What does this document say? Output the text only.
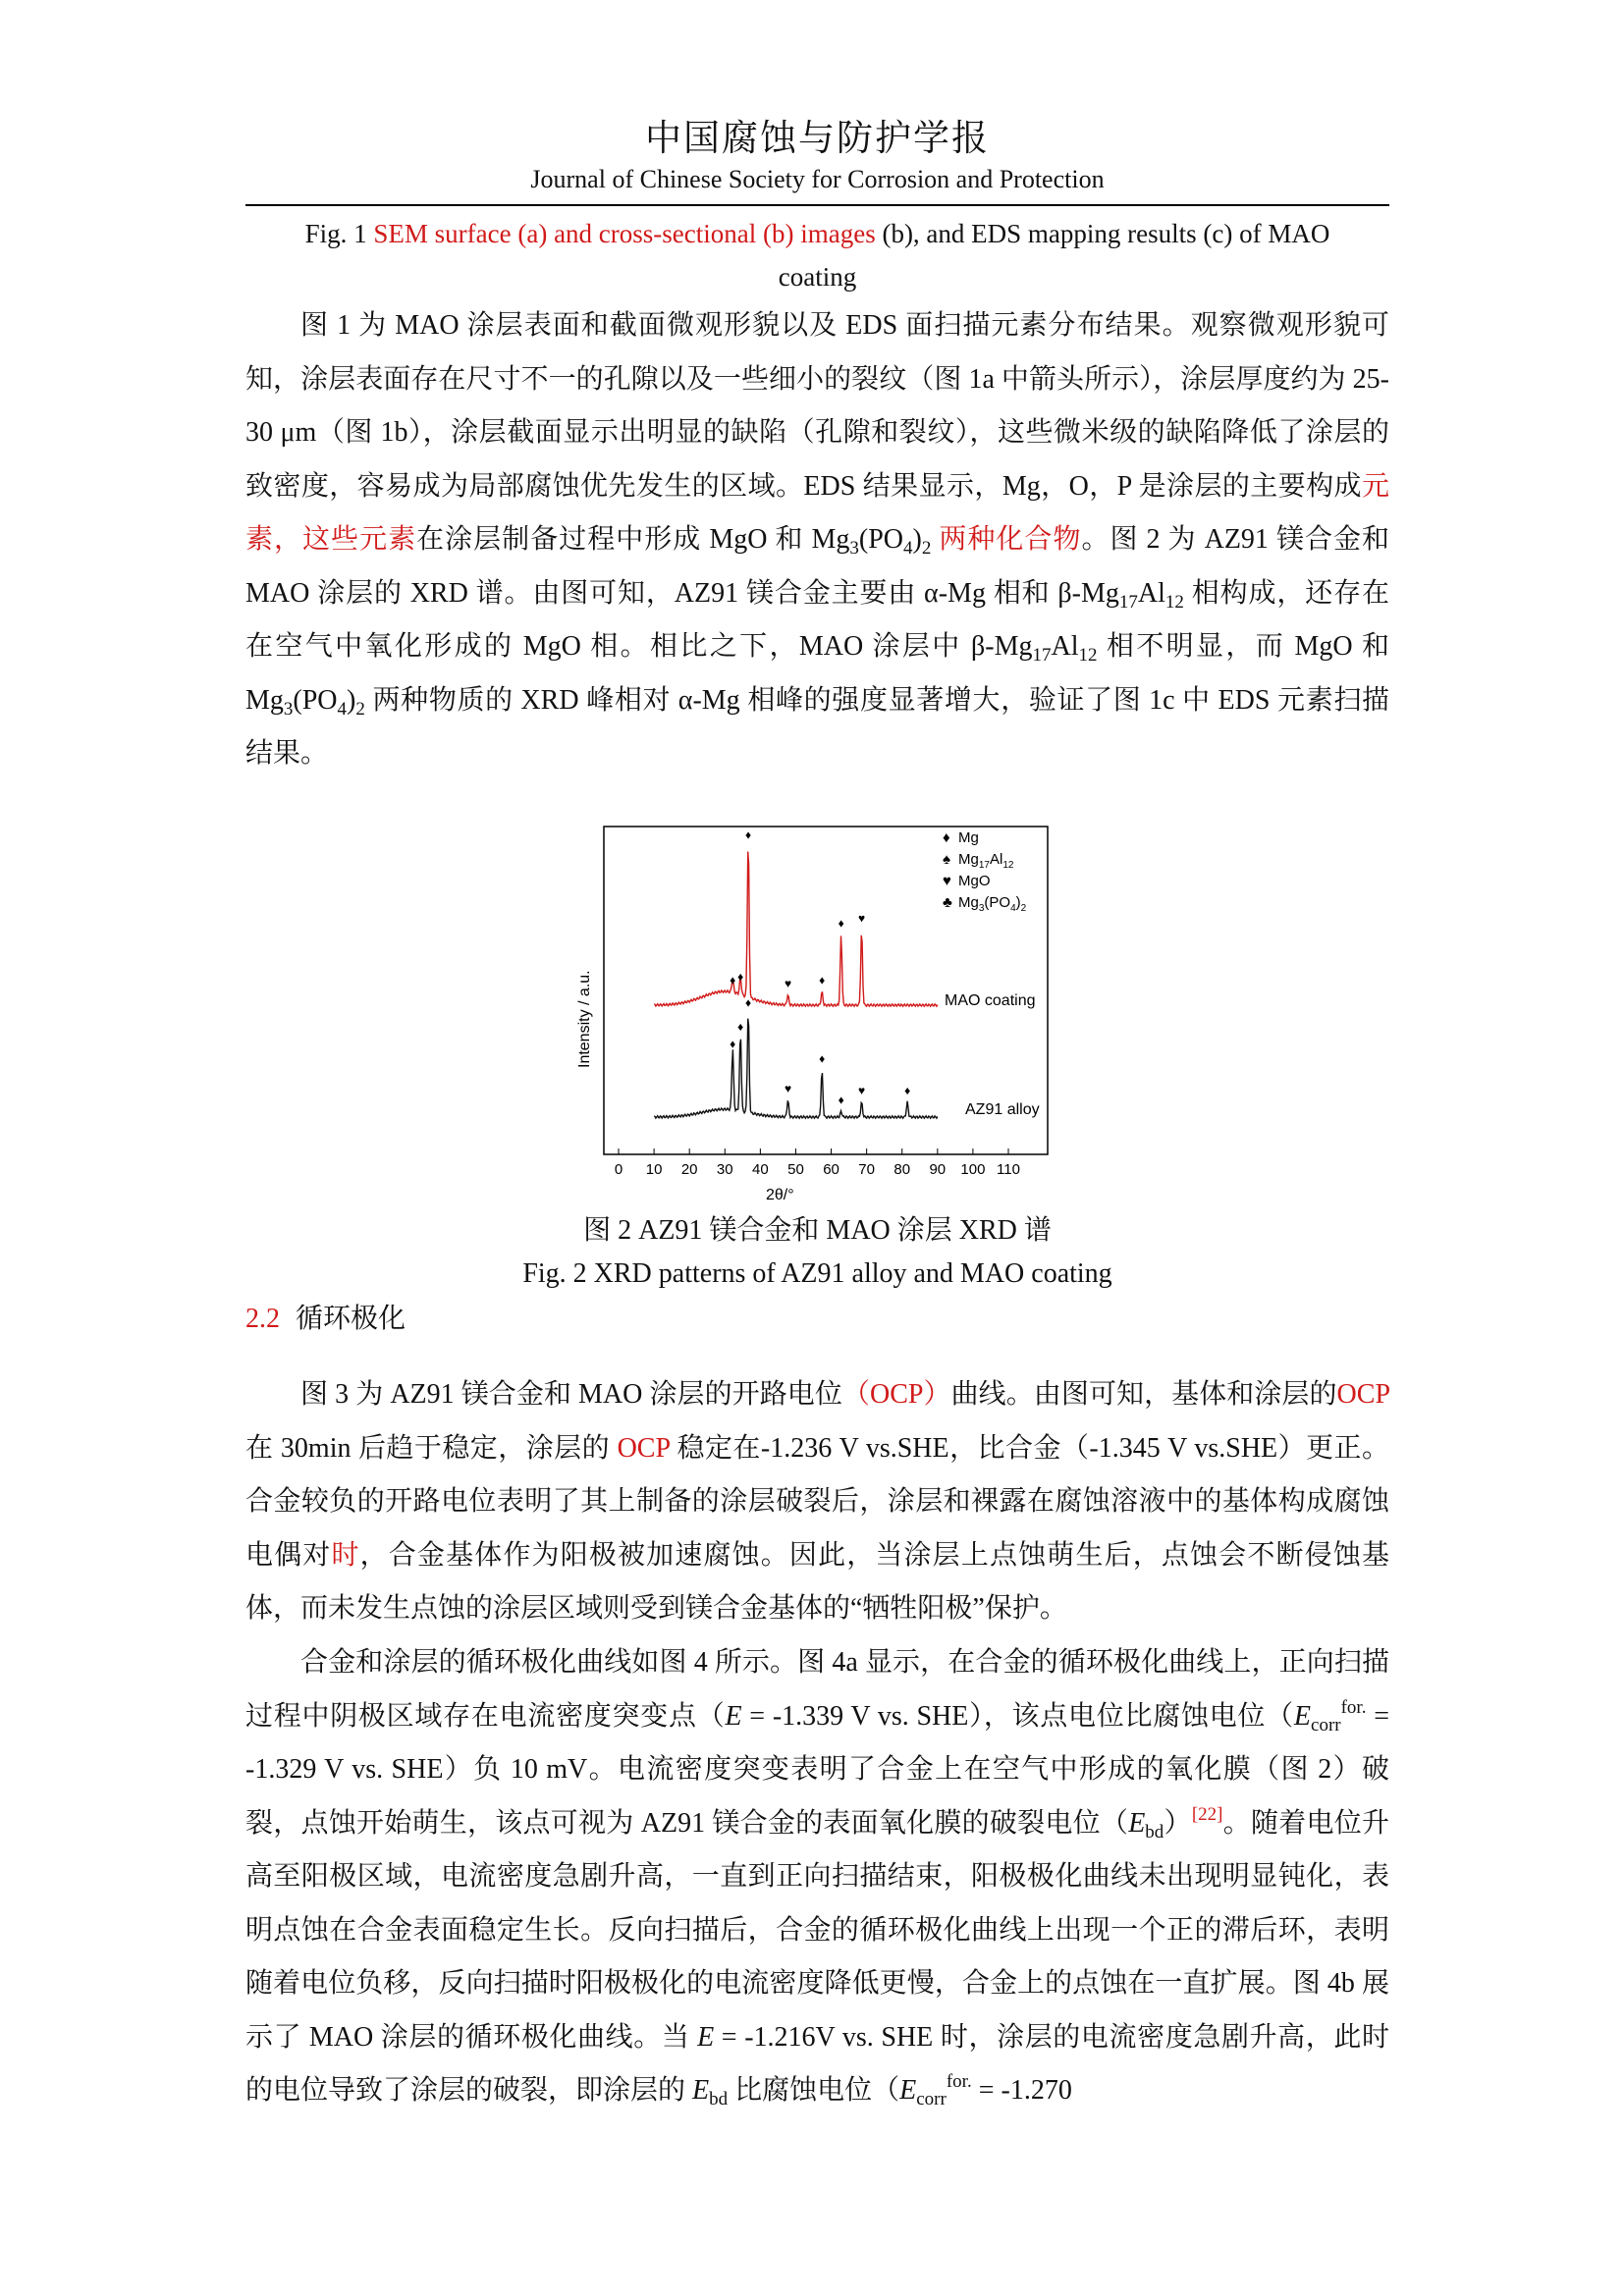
中国腐蚀与防护学报
Journal of Chinese Society for Corrosion and Protection
Fig. 1 SEM surface (a) and cross-sectional (b) images (b), and EDS mapping results (c) of MAO
coating

图 1 为 MAO 涂层表面和截面微观形貌以及 EDS 面扫描元素分布结果。观察微观形貌可知，涂层表面存在尺寸不一的孔隙以及一些细小的裂纹（图 1a 中箭头所示），涂层厚度约为 25-30 μm（图 1b），涂层截面显示出明显的缺陷（孔隙和裂纹），这些微米级的缺陷降低了涂层的致密度，容易成为局部腐蚀优先发生的区域。EDS 结果显示，Mg，O，P 是涂层的主要构成元素，这些元素在涂层制备过程中形成 MgO 和 $Mg_3(PO_4)_2$ 两种化合物。图 2 为 AZ91 镁合金和 MAO 涂层的 XRD 谱。由图可知，AZ91 镁合金主要由 α-Mg 相和 $\beta-Mg_{17}Al_{12}$ 相构成，还存在在空气中氧化形成的 MgO 相。相比之下，MAO 涂层中 $\beta-Mg_{17}Al_{12}$ 相不明显，而 MgO 和 $Mg_3(PO_4)_2$ 两种物质的 XRD 峰相对 α-Mg 相峰的强度显著增大，验证了图 1c 中 EDS 元素扫描结果。

0 10 20 30 40 50 60 70 80 90 100 110
2θ/°
Intensity / a.u.	♦ ♦
♦
♥ ♦
♦ ♥
♦
♦
♦
♥
♦
♦
♥	♦
MAO coating
AZ91 alloy
♦ Mg
♠ $Mg_{17}Al_{12}$
♥ MgO
♣ $Mg_3(PO_4)_2$
图 2 AZ91 镁合金和 MAO 涂层 XRD 谱
Fig. 2 XRD patterns of AZ91 alloy and MAO coating
2.2 循环极化

图 3 为 AZ91 镁合金和 MAO 涂层的开路电位（OCP）曲线。由图可知，基体和涂层的OCP 在 30min 后趋于稳定，涂层的 OCP 稳定在-1.236 V vs.SHE，比合金（-1.345 V vs.SHE）更正。合金较负的开路电位表明了其上制备的涂层破裂后，涂层和裸露在腐蚀溶液中的基体构成腐蚀电偶对时，合金基体作为阳极被加速腐蚀。因此，当涂层上点蚀萌生后，点蚀会不断侵蚀基体，而未发生点蚀的涂层区域则受到镁合金基体的“牺牲阳极”保护。

合金和涂层的循环极化曲线如图 4 所示。图 4a 显示，在合金的循环极化曲线上，正向扫描过程中阴极区域存在电流密度突变点（E = -1.339 V vs. SHE），该点电位比腐蚀电位（$E_{corr}^{for.} = -1.329$ V vs. SHE）负 10 mV。电流密度突变表明了合金上在空气中形成的氧化膜（图 2）破裂，点蚀开始萌生，该点可视为 AZ91 镁合金的表面氧化膜的破裂电位$(E_{bd})[22]$。随着电位升高至阳极区域，电流密度急剧升高，一直到正向扫描结束，阳极极化曲线未出现明显钝化，表明点蚀在合金表面稳定生长。反向扫描后，合金的循环极化曲线上出现一个正的滞后环，表明随着电位负移，反向扫描时阳极极化的电流密度降低更慢，合金上的点蚀在一直扩展。图 4b 展示了 MAO 涂层的循环极化曲线。当 E = -1.216V vs. SHE 时，涂层的电流密度急剧升高，此时的电位导致了涂层的破裂，即涂层的 $E_{bd}$ 比腐蚀电位（$E_{corr}^{for.} = -1.270$
